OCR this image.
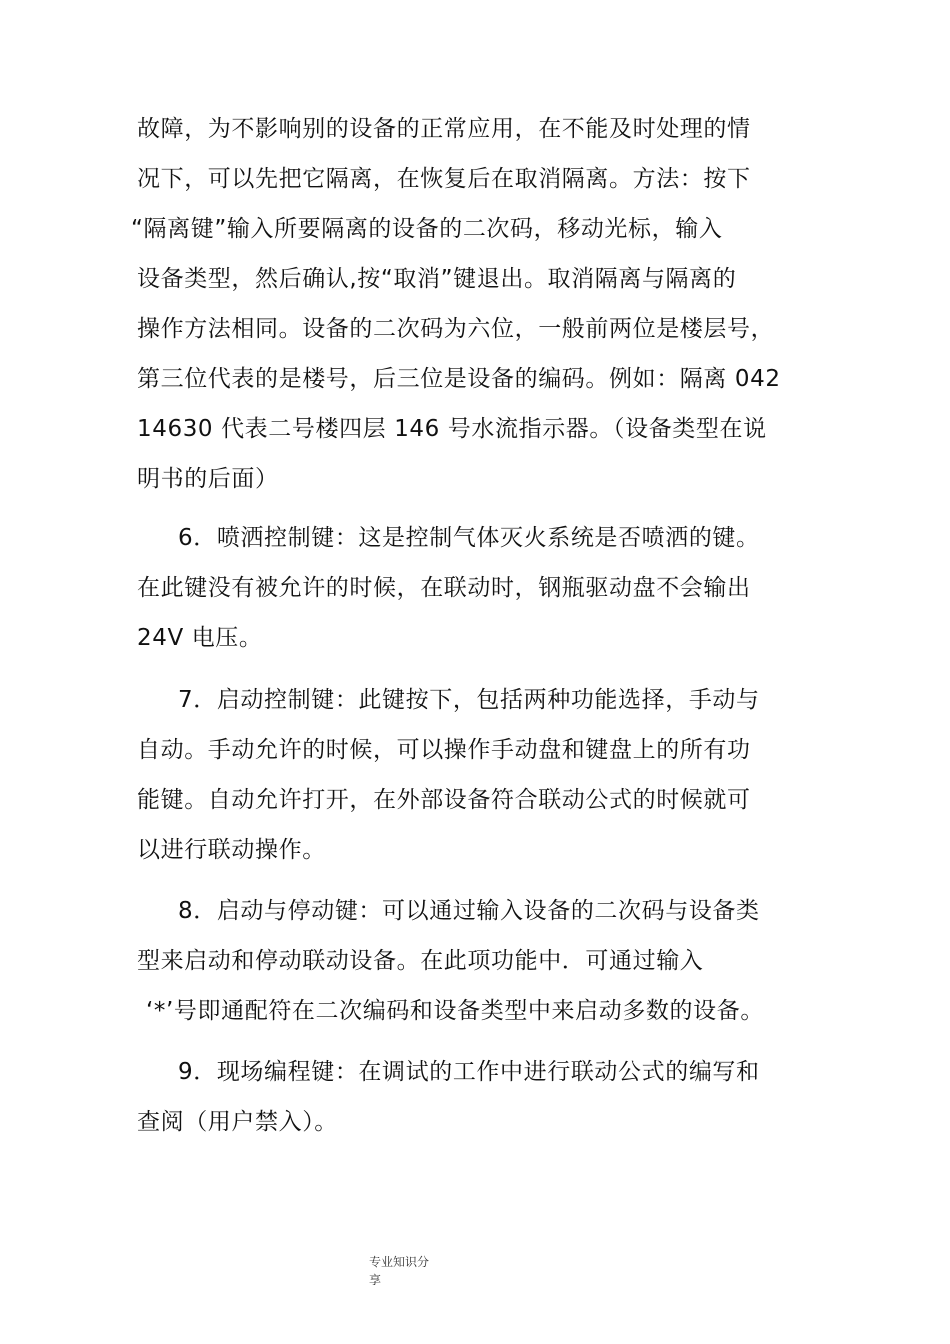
故障，为不影响别的设备的正常应用，在不能及时处理的情
况下，可以先把它隔离，在恢复后在取消隔离。方法：按下
“隔离键”输入所要隔离的设备的二次码，移动光标，输入
设备类型，然后确认,按“取消”键退出。取消隔离与隔离的
操作方法相同。设备的二次码为六位，一般前两位是楼层号，
第三位代表的是楼号，后三位是设备的编码。例如：隔离 042
14630 代表二号楼四层 146 号水流指示器。（设备类型在说
明书的后面）
6．喷洒控制键：这是控制气体灭火系统是否喷洒的键。
在此键没有被允许的时候，在联动时，钢瓶驱动盘不会输出
24V 电压。
7．启动控制键：此键按下，包括两种功能选择，手动与
自动。手动允许的时候，可以操作手动盘和键盘上的所有功
能键。自动允许打开，在外部设备符合联动公式的时候就可
以进行联动操作。
8．启动与停动键：可以通过输入设备的二次码与设备类
型来启动和停动联动设备。在此项功能中．可通过输入
‘*’号即通配符在二次编码和设备类型中来启动多数的设备。
9．现场编程键：在调试的工作中进行联动公式的编写和
查阅（用户禁入）。
专业知识分
享
